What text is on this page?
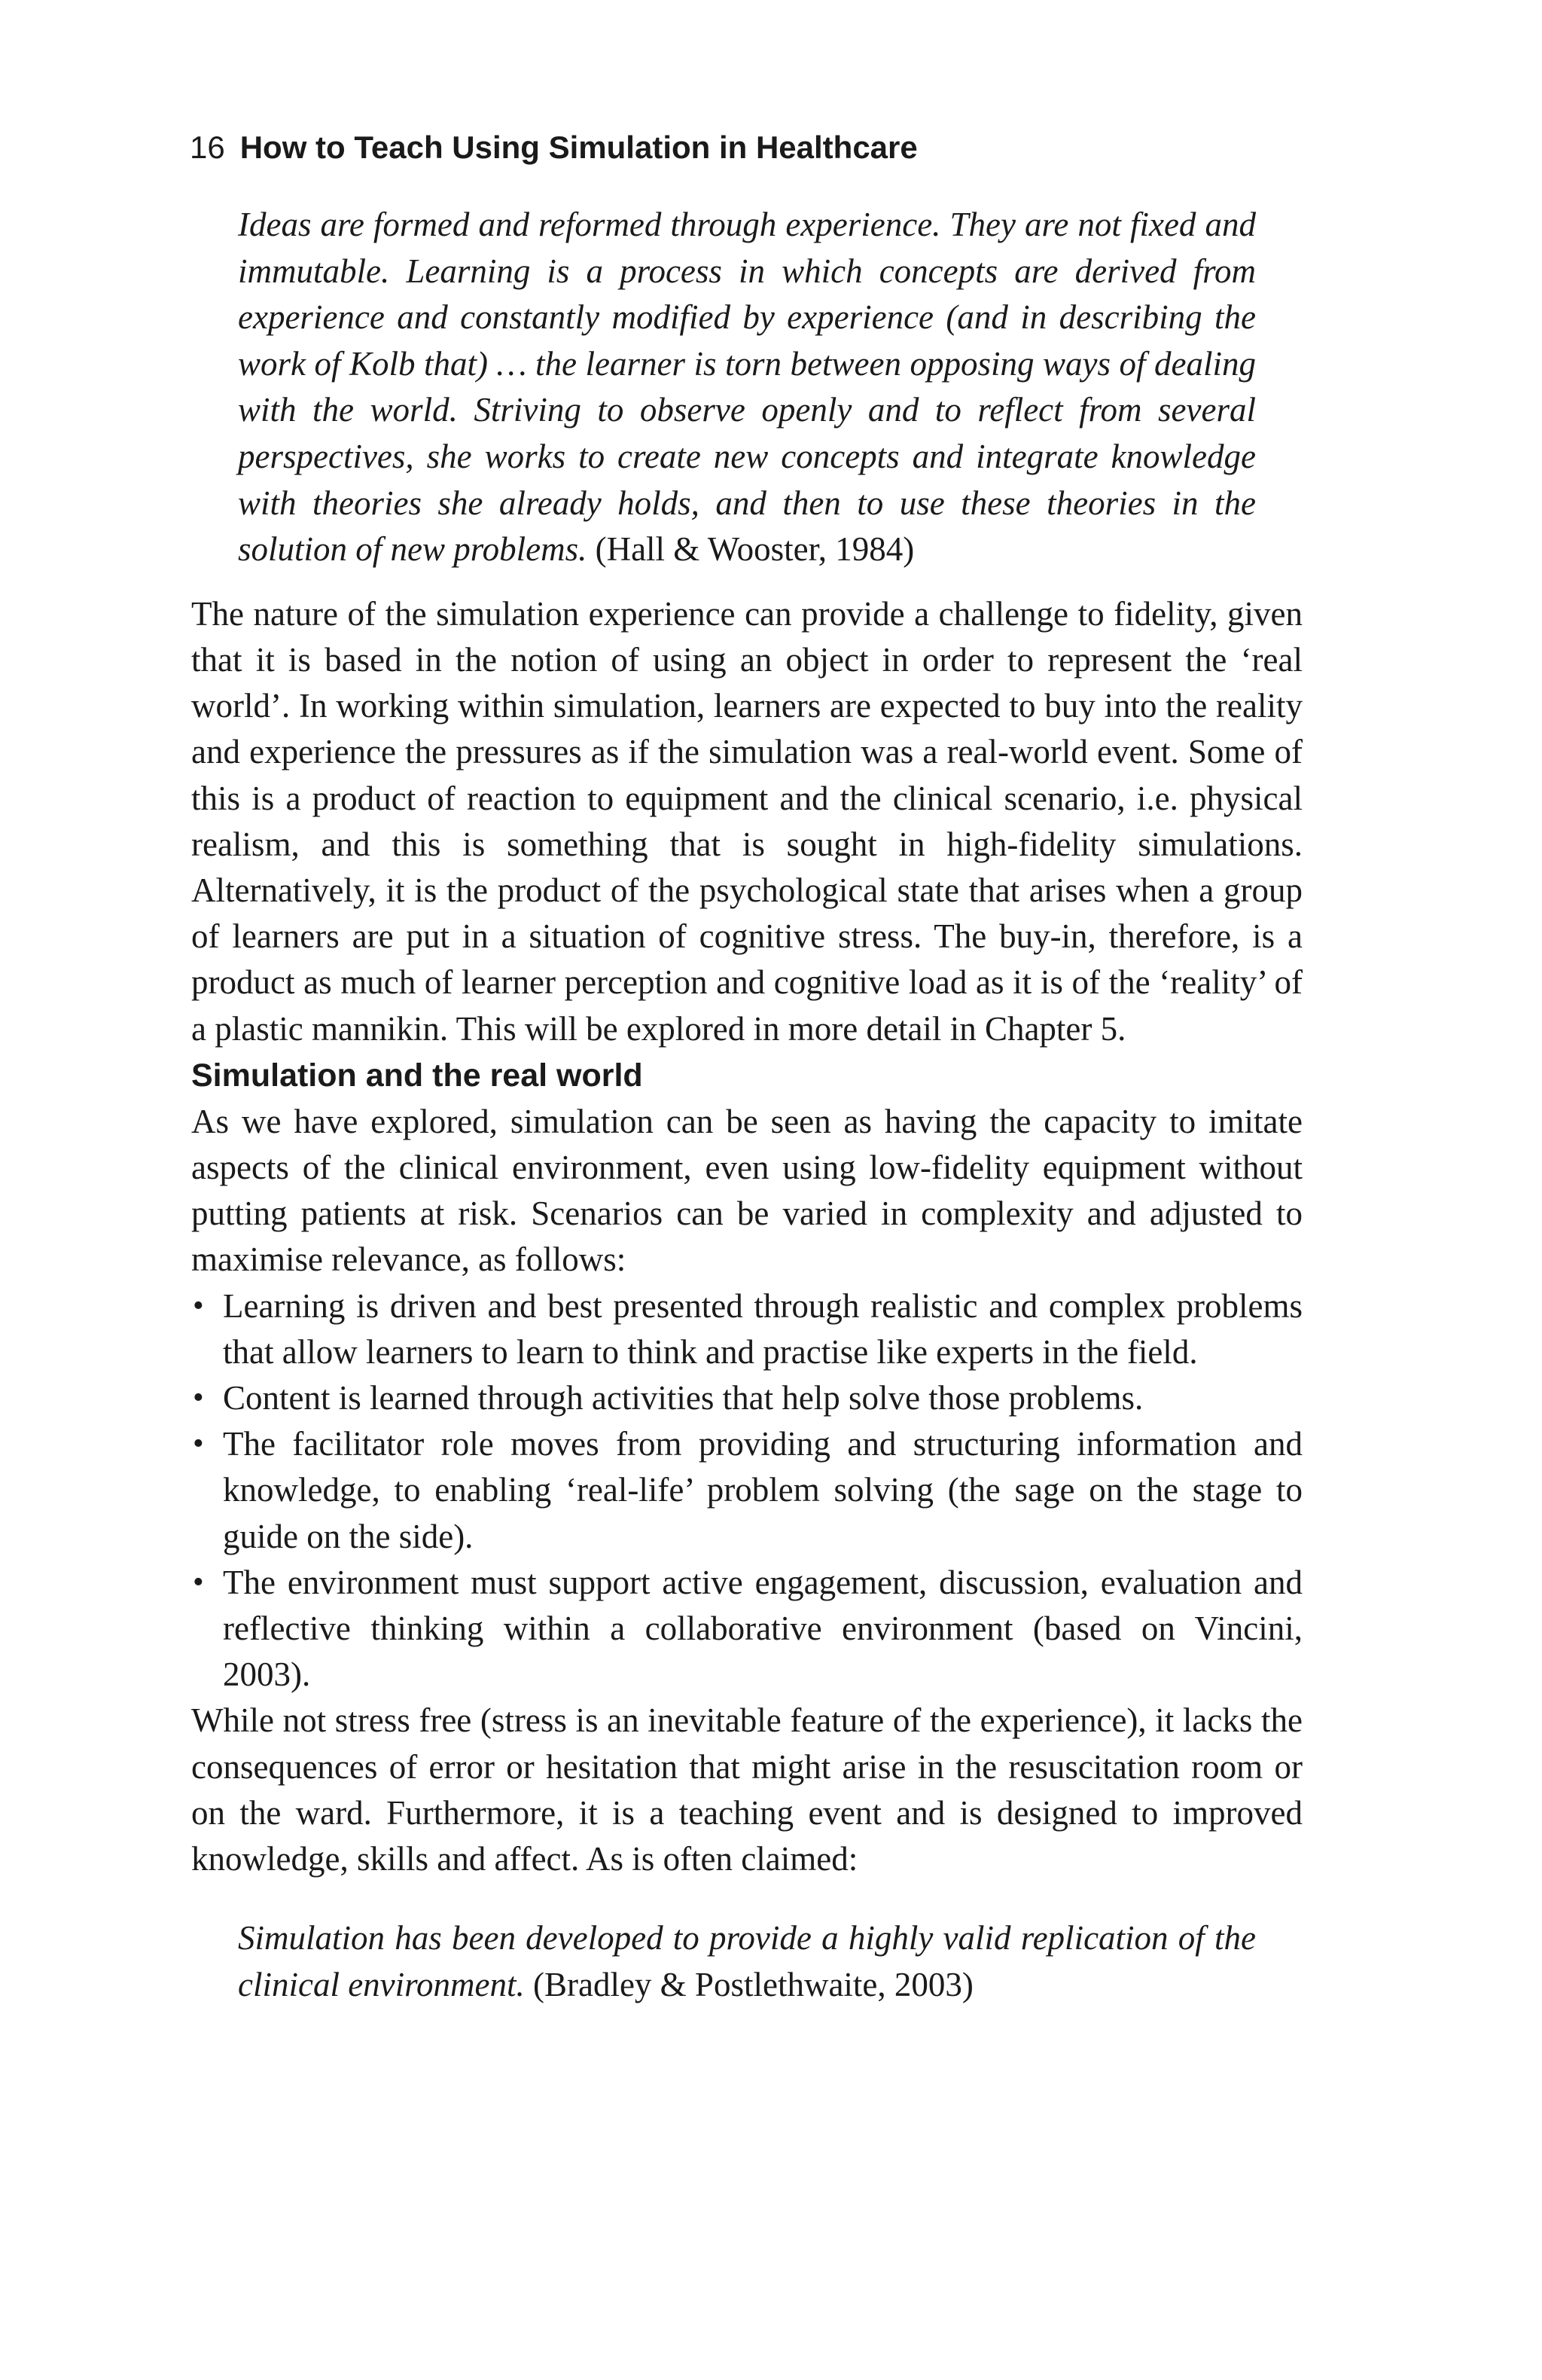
16 How to Teach Using Simulation in Healthcare
Ideas are formed and reformed through experience. They are not fixed and immutable. Learning is a process in which concepts are derived from experience and constantly modified by experience (and in describing the work of Kolb that) … the learner is torn between opposing ways of dealing with the world. Striving to observe openly and to reflect from several perspectives, she works to create new concepts and integrate knowledge with theories she already holds, and then to use these theories in the solution of new problems. (Hall & Wooster, 1984)

The nature of the simulation experience can provide a challenge to fidelity, given that it is based in the notion of using an object in order to represent the ‘real world’. In working within simulation, learners are expected to buy into the reality and experience the pressures as if the simulation was a real-world event. Some of this is a product of reaction to equipment and the clinical scenario, i.e. physical realism, and this is something that is sought in high-fidelity simulations. Alternatively, it is the product of the psychological state that arises when a group of learners are put in a situation of cognitive stress. The buy-in, therefore, is a product as much of learner perception and cognitive load as it is of the ‘reality’ of a plastic mannikin. This will be explored in more detail in Chapter 5.

Simulation and the real world

As we have explored, simulation can be seen as having the capacity to imitate aspects of the clinical environment, even using low-fidelity equipment without putting patients at risk. Scenarios can be varied in complexity and adjusted to maximise relevance, as follows:

• Learning is driven and best presented through realistic and complex problems that allow learners to learn to think and practise like experts in the field.
• Content is learned through activities that help solve those problems.
• The facilitator role moves from providing and structuring information and knowledge, to enabling ‘real-life’ problem solving (the sage on the stage to guide on the side).
• The environment must support active engagement, discussion, evaluation and reflective thinking within a collaborative environment (based on Vincini, 2003).

While not stress free (stress is an inevitable feature of the experience), it lacks the consequences of error or hesitation that might arise in the resuscitation room or on the ward. Furthermore, it is a teaching event and is designed to improved knowledge, skills and affect. As is often claimed:

Simulation has been developed to provide a highly valid replication of the clinical environment. (Bradley & Postlethwaite, 2003)
